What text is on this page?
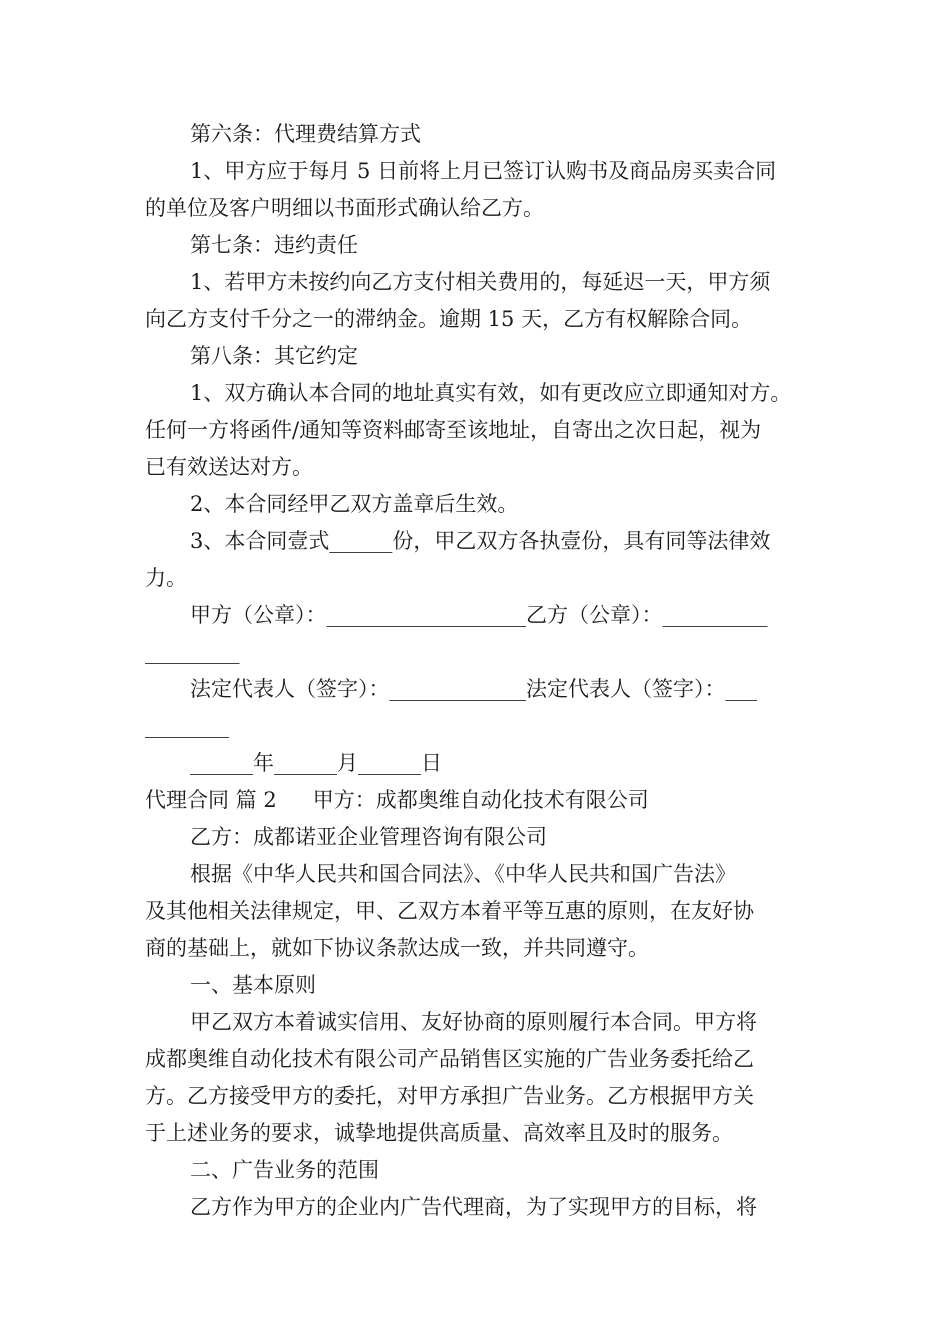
第六条：代理费结算方式
1、甲方应于每月 5 日前将上月已签订认购书及商品房买卖合同
的单位及客户明细以书面形式确认给乙方。
第七条：违约责任
1、若甲方未按约向乙方支付相关费用的，每延迟一天，甲方须
向乙方支付千分之一的滞纳金。逾期 15 天，乙方有权解除合同。
第八条：其它约定
1、双方确认本合同的地址真实有效，如有更改应立即通知对方。
任何一方将函件/通知等资料邮寄至该地址，自寄出之次日起，视为
已有效送达对方。
2、本合同经甲乙双方盖章后生效。
3、本合同壹式______份，甲乙双方各执壹份，具有同等法律效
力。
甲方（公章）：___________________乙方（公章）：__________
_________
法定代表人（签字）：_____________法定代表人（签字）：___
________
______年______月______日
代理合同 篇 2 甲方：成都奥维自动化技术有限公司
乙方：成都诺亚企业管理咨询有限公司
根据《中华人民共和国合同法》、《中华人民共和国广告法》
及其他相关法律规定，甲、乙双方本着平等互惠的原则，在友好协
商的基础上，就如下协议条款达成一致，并共同遵守。
一、基本原则
甲乙双方本着诚实信用、友好协商的原则履行本合同。甲方将
成都奥维自动化技术有限公司产品销售区实施的广告业务委托给乙
方。乙方接受甲方的委托，对甲方承担广告业务。乙方根据甲方关
于上述业务的要求，诚挚地提供高质量、高效率且及时的服务。
二、广告业务的范围
乙方作为甲方的企业内广告代理商，为了实现甲方的目标，将
